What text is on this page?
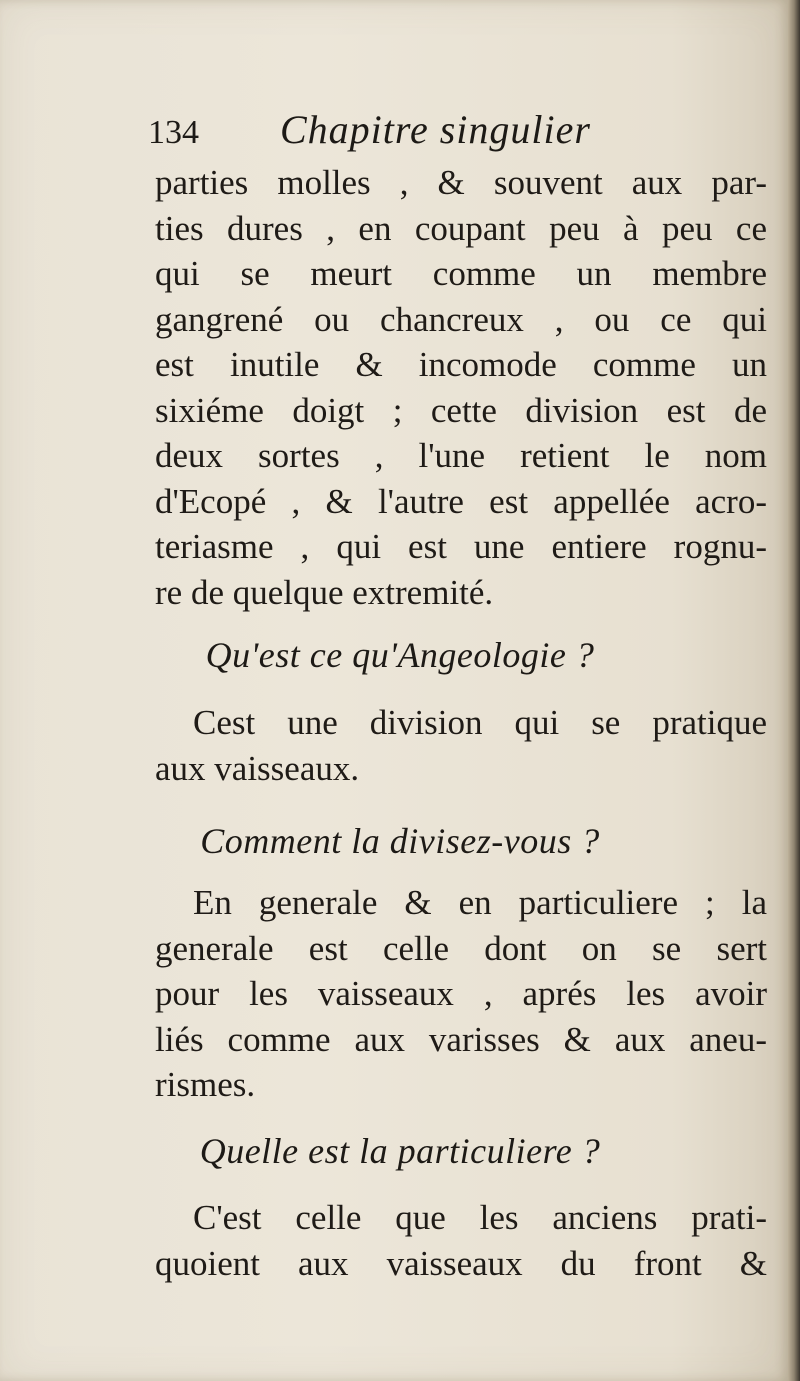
134 Chapitre singulier
parties molles , & souvent aux par-
ties dures , en coupant peu à peu ce
qui se meurt comme un membre
gangrené ou chancreux , ou ce qui
est inutile & incomode comme un
sixiéme doigt ; cette division est de
deux sortes , l'une retient le nom
d'Ecopé , & l'autre est appellée acro-
teriasme , qui est une entiere rognu-
re de quelque extremité.
Qu'est ce qu'Angeologie ?
Cest une division qui se pratique
aux vaisseaux.
Comment la divisez-vous ?
En generale & en particuliere ; la
generale est celle dont on se sert
pour les vaisseaux , aprés les avoir
liés comme aux varisses & aux aneu-
rismes.
Quelle est la particuliere ?
C'est celle que les anciens prati-
quoient aux vaisseaux du front &
